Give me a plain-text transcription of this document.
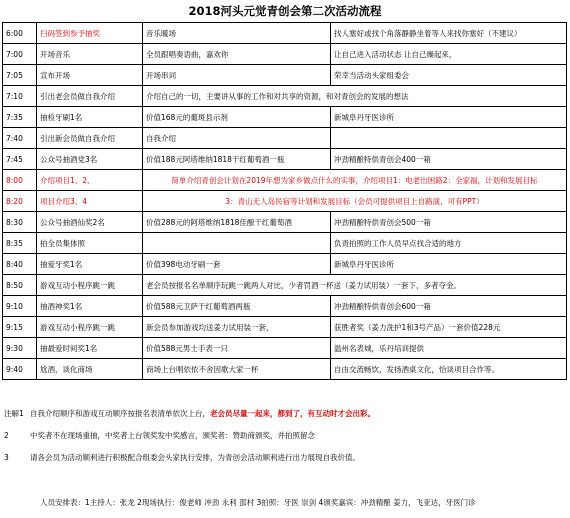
2018河头元觉青创会第二次活动流程
6:00	扫码签到参予抽奖	音乐暖场	找人塞好或找个角落静静坐着等人来找你塞好（不建议）
7:00	开场音乐	全员跟唱奏语曲，嘉欢你	让自己进入活动状态 让自己燥起来，
7:05	宣布开场	开场串词	荣幸当活动头家组委会
7:10	引出老会员做自我介绍	介绍自己的一切，主要讲从事的工作和对共享的资源，和对青创会的发展的想法	
7:35	抽检牙刷1名	价值168元的葡斑县示剂	新城阜丹牙医诊所
7:40	引出新会员做自我介绍	自我介绍	
7:45	公众号抽酒党3名	价值188元阿塔维纳1818干红葡萄酒一瓶	冲劲精酿特供青创会400一箱
8:00	介绍项目1、2、	简单介绍青创会计划在2019年想为家乡做点什么的实事，介绍项目1：电老出困路2：全家福，计划和发展目标	
8:20	项目介绍3、4	3：青山无人岛民宿等计划和发展目标（会员可提供项目上自路演，可有PPT）	
8:30	公众号抽酒仙奖2名	价值288元的阿塔维纳1818佳酿干红葡萄酒	冲劲精酿特供青创会500一箱
8:35	拍全员集体照		负责拍照的工作人员早点找合适的地方
8:40	抽爱牙奖1名	价值398电动牙刷一套	新城阜丹牙医诊所
8:50	游戏互动小程序跳一跳	老会员按报名名单顺序玩跳一跳两人对比，少者罚酒一杯送（姜力试用装）一套下，多者夺金。	
9:10	抽酒神奖1名	价值588元卫萨干红葡萄酒两瓶	冲劲精酿特供青创会600一箱
9:15	游戏互动小程序跳一跳	新会员参加游戏均送姜力试用装一套，	获胜者奖（姜力洗护1和3号产品）一套价值228元
9:30	抽最爱时间奖1名	价值588元男士手表一只	温州名表城，乐丹培训提供
9:40	尬酒，谈化商场	商场上台唱依依不舍因歌大家一杯	自由交流畅饮，发扬酒桌文化，恰谈项目合作等。
注解1 自我介绍顺序和游戏互动顺序按报名表清单依次上台，老会员尽量一起来，都到了，有互动时才会出彩。
2	中奖者不在现场重抽，中奖者上台领奖发中奖感言，颁奖者：赞助商颁奖，并拍照留念
3	请各会员为活动顺利进行积极配合组委会头家执行安排，为青创会活动顺利进行出力展现自我价值。
人员安排表：1主持人：张龙 2现场执行：俊老师 冲劲 永利 邵村 3拍照：牙医 崇剑 4颁奖嘉宾：冲劲精酿 姜力，飞亚达，牙医门诊
